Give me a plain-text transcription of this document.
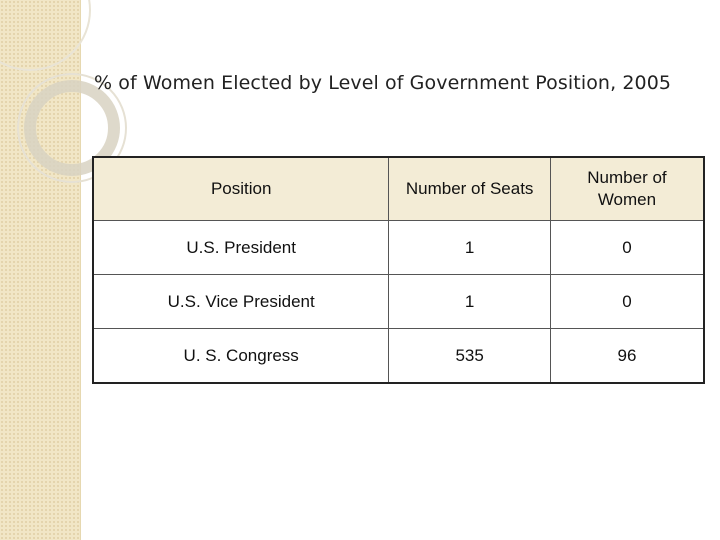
% of Women Elected by Level of Government Position, 2005
Position	Number of Seats	Number of Women
U.S. President	1	0
U.S. Vice President	1	0
U. S. Congress	535	96
